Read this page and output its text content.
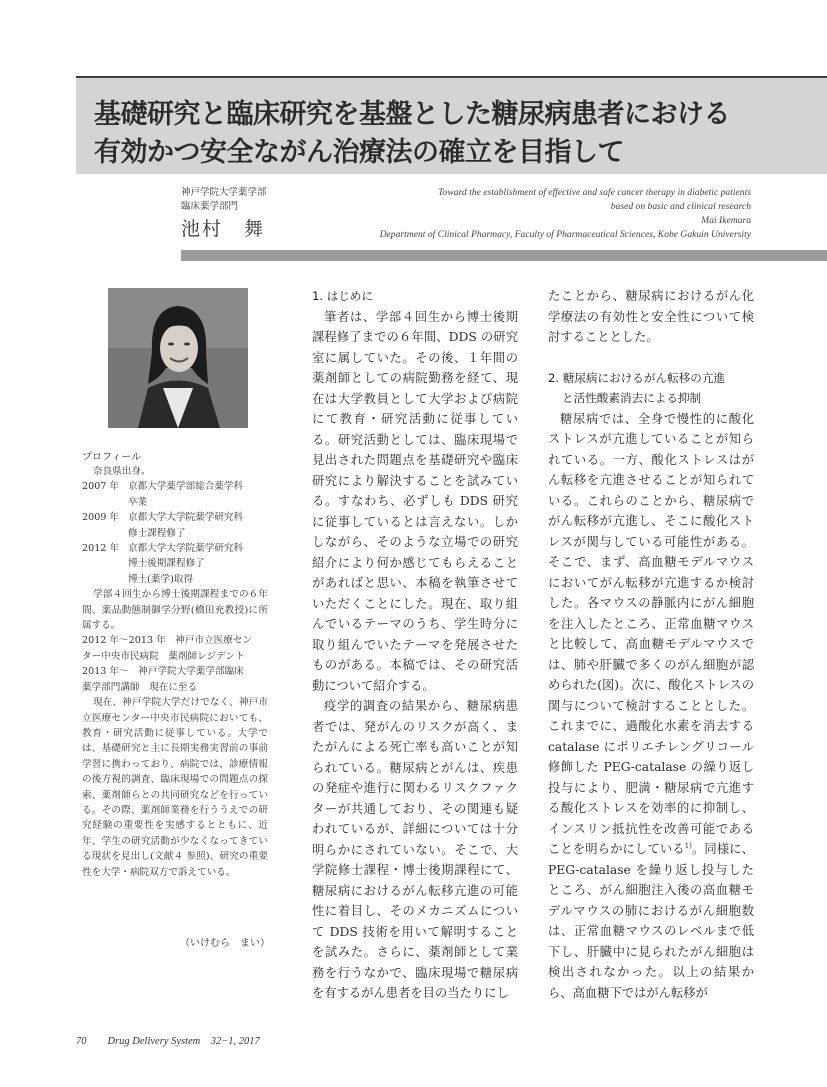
基礎研究と臨床研究を基盤とした糖尿病患者における
有効かつ安全ながん治療法の確立を目指して
神戸学院大学薬学部
臨床薬学部門
池村　舞
Toward the establishment of effective and safe cancer therapy in diabetic patients
based on basic and clinical research
Mai Ikemura
Department of Clinical Pharmacy, Faculty of Pharmaceutical Sciences, Kobe Gakuin University
プロフィール
奈良県出身。
2007 年 京都大学薬学部総合薬学科
卒業
2009 年 京都大学大学院薬学研究科
修士課程修了
2012 年 京都大学大学院薬学研究科
博士後期課程修了
博士(薬学)取得
学部４回生から博士後期課程までの６年間、薬品動態制御学分野(橋田充教授)に所属する。
2012 年～2013 年　神戸市立医療セン
ター中央市民病院　薬剤師レジデント
2013 年～　神戸学院大学薬学部臨床
薬学部門講師　現在に至る
現在、神戸学院大学だけでなく、神戸市立医療センター中央市民病院においても、教育・研究活動に従事している。大学では、基礎研究と主に長期実務実習前の事前学習に携わっており、病院では、診療情報の後方視的調査、臨床現場での問題点の探索、薬剤師らとの共同研究などを行っている。その際、薬剤師業務を行ううえでの研究経験の重要性を実感するとともに、近年、学生の研究活動が少なくなってきている現状を見出し(文献４ 参照)、研究の重要性を大学・病院双方で訴えている。
（いけむら　まい）
1. はじめに

筆者は、学部４回生から博士後期課程修了までの６年間、DDS の研究室に属していた。その後、１年間の薬剤師としての病院勤務を経て、現在は大学教員として大学および病院にて教育・研究活動に従事している。研究活動としては、臨床現場で見出された問題点を基礎研究や臨床研究により解決することを試みている。すなわち、必ずしも DDS 研究に従事しているとは言えない。しかしながら、そのような立場での研究紹介により何か感じてもらえることがあればと思い、本稿を執筆させていただくことにした。現在、取り組んでいるテーマのうち、学生時分に取り組んでいたテーマを発展させたものがある。本稿では、その研究活動について紹介する。

疫学的調査の結果から、糖尿病患者では、発がんのリスクが高く、またがんによる死亡率も高いことが知られている。糖尿病とがんは、疾患の発症や進行に関わるリスクファクターが共通しており、その関連も疑われているが、詳細については十分明らかにされていない。そこで、大学院修士課程・博士後期課程にて、糖尿病におけるがん転移亢進の可能性に着目し、そのメカニズムについて DDS 技術を用いて解明することを試みた。さらに、薬剤師として業務を行うなかで、臨床現場で糖尿病を有するがん患者を目の当たりにし

たことから、糖尿病におけるがん化学療法の有効性と安全性について検討することとした。

2. 糖尿病におけるがん転移の亢進
と活性酸素消去による抑制

糖尿病では、全身で慢性的に酸化ストレスが亢進していることが知られている。一方、酸化ストレスはがん転移を亢進させることが知られている。これらのことから、糖尿病でがん転移が亢進し、そこに酸化ストレスが関与している可能性がある。そこで、まず、高血糖モデルマウスにおいてがん転移が亢進するか検討した。各マウスの静脈内にがん細胞を注入したところ、正常血糖マウスと比較して、高血糖モデルマウスでは、肺や肝臓で多くのがん細胞が認められた(図)。次に、酸化ストレスの関与について検討することとした。これまでに、過酸化水素を消去する catalase にポリエチレングリコール修飾した PEG-catalase の繰り返し投与により、肥満・糖尿病で亢進する酸化ストレスを効率的に抑制し、インスリン抵抗性を改善可能であることを明らかにしている$^{1)}$。同様に、PEG-catalase を繰り返し投与したところ、がん細胞注入後の高血糖モデルマウスの肺におけるがん細胞数は、正常血糖マウスのレベルまで低下し、肝臓中に見られたがん細胞は検出されなかった。以上の結果から、高血糖下ではがん転移が

70　　Drug Delivery System　32−1, 2017
